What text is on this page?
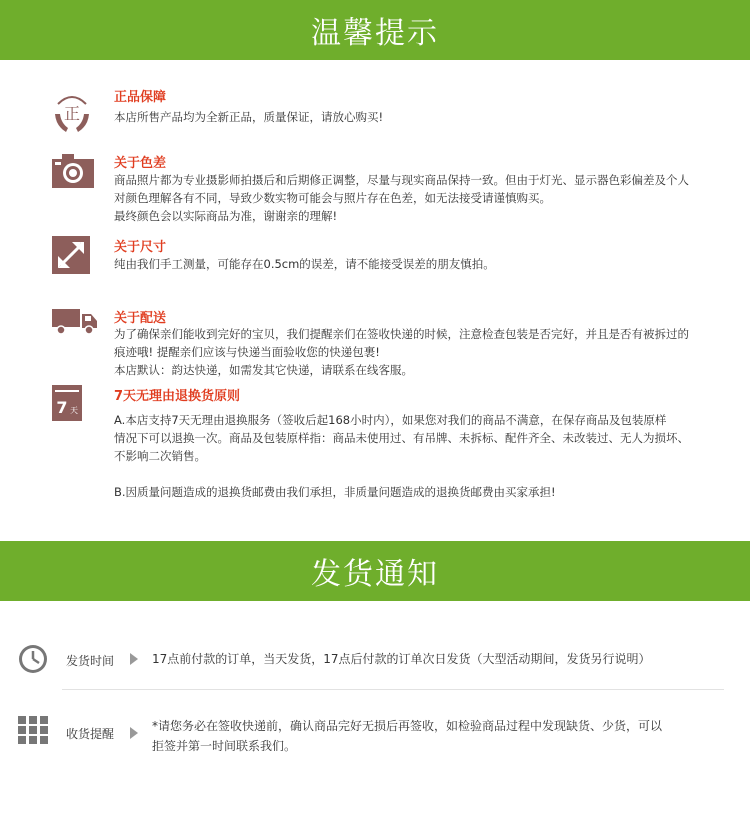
温馨提示
正
正品保障
本店所售产品均为全新正品，质量保证，请放心购买!
关于色差
商品照片都为专业摄影师拍摄后和后期修正调整，尽量与现实商品保持一致。但由于灯光、显示器色彩偏差及个人
对颜色理解各有不同，导致少数实物可能会与照片存在色差，如无法接受请谨慎购买。
最终颜色会以实际商品为准，谢谢亲的理解!
关于尺寸
纯由我们手工测量，可能存在0.5cm的误差，请不能接受误差的朋友慎拍。
关于配送
为了确保亲们能收到完好的宝贝，我们提醒亲们在签收快递的时候，注意检查包装是否完好，并且是否有被拆过的
痕迹哦! 提醒亲们应该与快递当面验收您的快递包裹!
本店默认：韵达快递，如需发其它快递，请联系在线客服。
7 天
7天无理由退换货原则
A.本店支持7天无理由退换服务（签收后起168小时内），如果您对我们的商品不满意，在保存商品及包装原样
情况下可以退换一次。商品及包装原样指：商品未使用过、有吊牌、未拆标、配件齐全、未改装过、无人为损坏、
不影响二次销售。
B.因质量问题造成的退换货邮费由我们承担，非质量问题造成的退换货邮费由买家承担!
发货通知
发货时间	17点前付款的订单，当天发货，17点后付款的订单次日发货（大型活动期间，发货另行说明）
收货提醒
*请您务必在签收快递前，确认商品完好无损后再签收，如检验商品过程中发现缺货、少货，可以
拒签并第一时间联系我们。
